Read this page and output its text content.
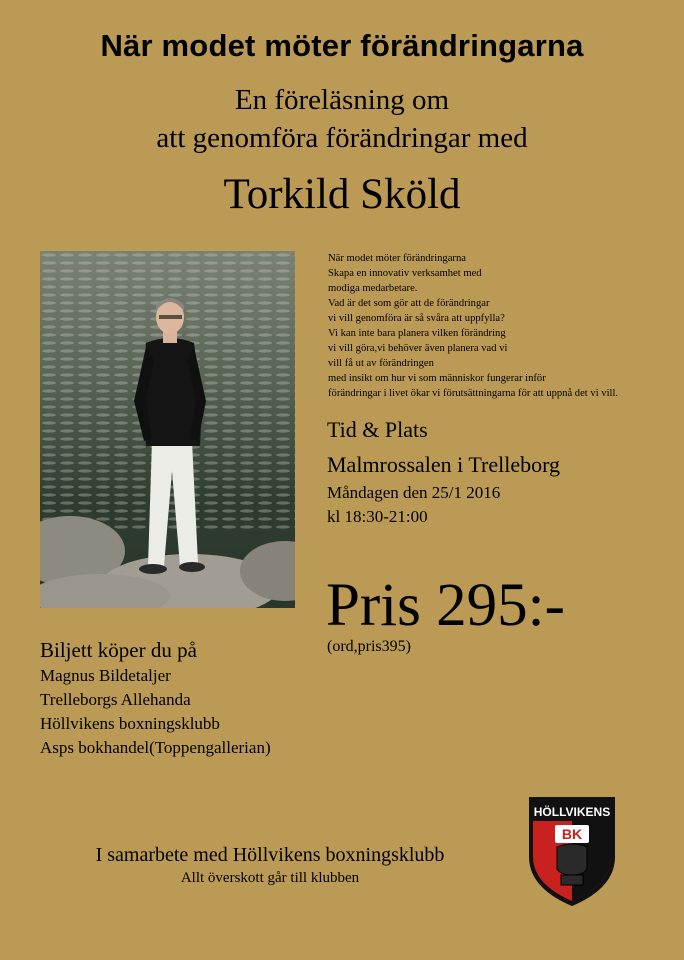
När modet möter förändringarna
En föreläsning om
att genomföra förändringar med
Torkild Sköld
När modet möter förändringarna
Skapa en innovativ verksamhet med
modiga medarbetare.
Vad är det som gör att de förändringar
vi vill genomföra är så svåra att uppfylla?
Vi kan inte bara planera vilken förändring
vi vill göra,vi behöver även planera vad vi
vill få ut av förändringen
med insikt om hur vi som människor fungerar inför
förändringar i livet ökar vi förutsättningarna för att uppnå det vi vill.
Tid & Plats
Malmrossalen i Trelleborg
Måndagen den 25/1 2016
kl 18:30-21:00
Pris 295:-
(ord,pris395)
Biljett köper du på
Magnus Bildetaljer
Trelleborgs Allehanda
Höllvikens boxningsklubb
Asps bokhandel(Toppengallerian)
I samarbete med Höllvikens boxningsklubb
Allt överskott går till klubben
HÖLLVIKENS
BK
